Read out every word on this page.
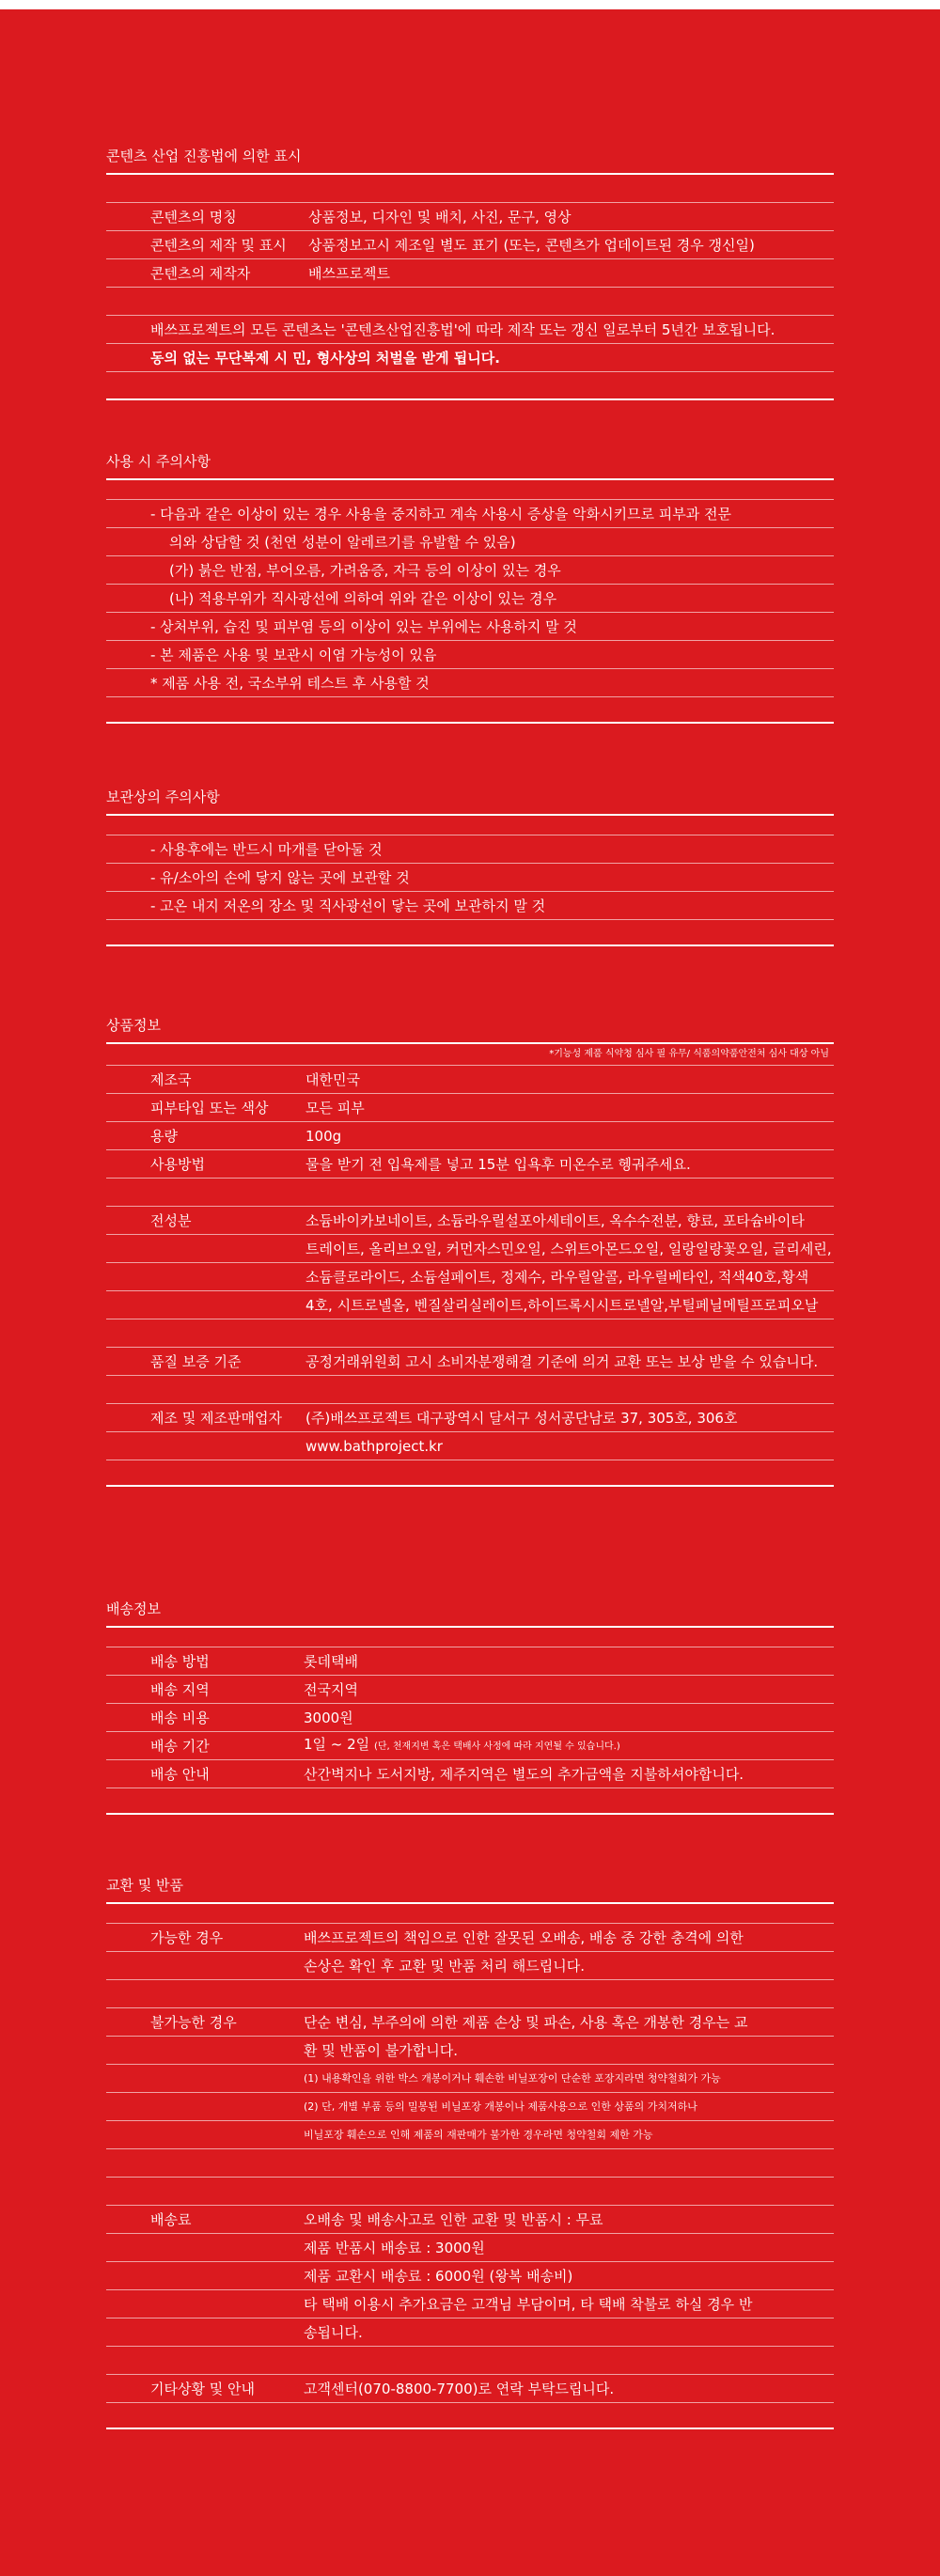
콘텐츠 산업 진흥법에 의한 표시
콘텐츠의 명칭	상품정보, 디자인 및 배치, 사진, 문구, 영상
콘텐츠의 제작 및 표시	상품정보고시 제조일 별도 표기 (또는, 콘텐츠가 업데이트된 경우 갱신일)
콘텐츠의 제작자	배쓰프로젝트
배쓰프로젝트의 모든 콘텐츠는 '콘텐츠산업진흥법'에 따라 제작 또는 갱신 일로부터 5년간 보호됩니다.
동의 없는 무단복제 시 민, 형사상의 처벌을 받게 됩니다.
사용 시 주의사항
- 다음과 같은 이상이 있는 경우 사용을 중지하고 계속 사용시 증상을 악화시키므로 피부과 전문
의와 상담할 것 (천연 성분이 알레르기를 유발할 수 있음)
(가) 붉은 반점, 부어오름, 가려움증, 자극 등의 이상이 있는 경우
(나) 적용부위가 직사광선에 의하여 위와 같은 이상이 있는 경우
- 상처부위, 습진 및 피부염 등의 이상이 있는 부위에는 사용하지 말 것
- 본 제품은 사용 및 보관시 이염 가능성이 있음
* 제품 사용 전, 국소부위 테스트 후 사용할 것
보관상의 주의사항
- 사용후에는 반드시 마개를 닫아둘 것
- 유/소아의 손에 닿지 않는 곳에 보관할 것
- 고온 내지 저온의 장소 및 직사광선이 닿는 곳에 보관하지 말 것
상품정보
*기능성 제품 식약청 심사 필 유무/ 식품의약품안전처 심사 대상 아님
제조국	대한민국
피부타입 또는 색상	모든 피부
용량	100g
사용방법	물을 받기 전 입욕제를 넣고 15분 입욕후 미온수로 헹궈주세요.
전성분	소듐바이카보네이트, 소듐라우릴설포아세테이트, 옥수수전분, 향료, 포타슘바이타
트레이트, 올리브오일, 커먼자스민오일, 스위트아몬드오일, 일랑일랑꽃오일, 글리세린,
소듐클로라이드, 소듐설페이트, 정제수, 라우릴알콜, 라우릴베타인, 적색40호,황색
4호, 시트로넬올, 벤질살리실레이트,하이드록시시트로넬알,부틸페닐메틸프로피오날
품질 보증 기준	공정거래위원회 고시 소비자분쟁해결 기준에 의거 교환 또는 보상 받을 수 있습니다.
제조 및 제조판매업자	(주)배쓰프로젝트 대구광역시 달서구 성서공단남로 37, 305호, 306호
www.bathproject.kr
배송정보
배송 방법	롯데택배
배송 지역	전국지역
배송 비용	3000원
배송 기간	1일 ~ 2일 (단, 천재지변 혹은 택배사 사정에 따라 지연될 수 있습니다.)
배송 안내	산간벽지나 도서지방, 제주지역은 별도의 추가금액을 지불하셔야합니다.
교환 및 반품
가능한 경우	배쓰프로젝트의 책임으로 인한 잘못된 오배송, 배송 중 강한 충격에 의한
손상은 확인 후 교환 및 반품 처리 해드립니다.
불가능한 경우	단순 변심, 부주의에 의한 제품 손상 및 파손, 사용 혹은 개봉한 경우는 교
환 및 반품이 불가합니다.
(1) 내용확인을 위한 박스 개봉이거나 훼손한 비닐포장이 단순한 포장지라면 청약철회가 가능
(2) 단, 개별 부품 등의 밀봉된 비닐포장 개봉이나 제품사용으로 인한 상품의 가치저하나
비닐포장 훼손으로 인해 제품의 재판매가 불가한 경우라면 청약철회 제한 가능
배송료	오배송 및 배송사고로 인한 교환 및 반품시 : 무료
제품 반품시 배송료 : 3000원
제품 교환시 배송료 : 6000원 (왕복 배송비)
타 택배 이용시 추가요금은 고객님 부담이며, 타 택배 착불로 하실 경우 반
송됩니다.
기타상황 및 안내	고객센터(070-8800-7700)로 연락 부탁드립니다.
